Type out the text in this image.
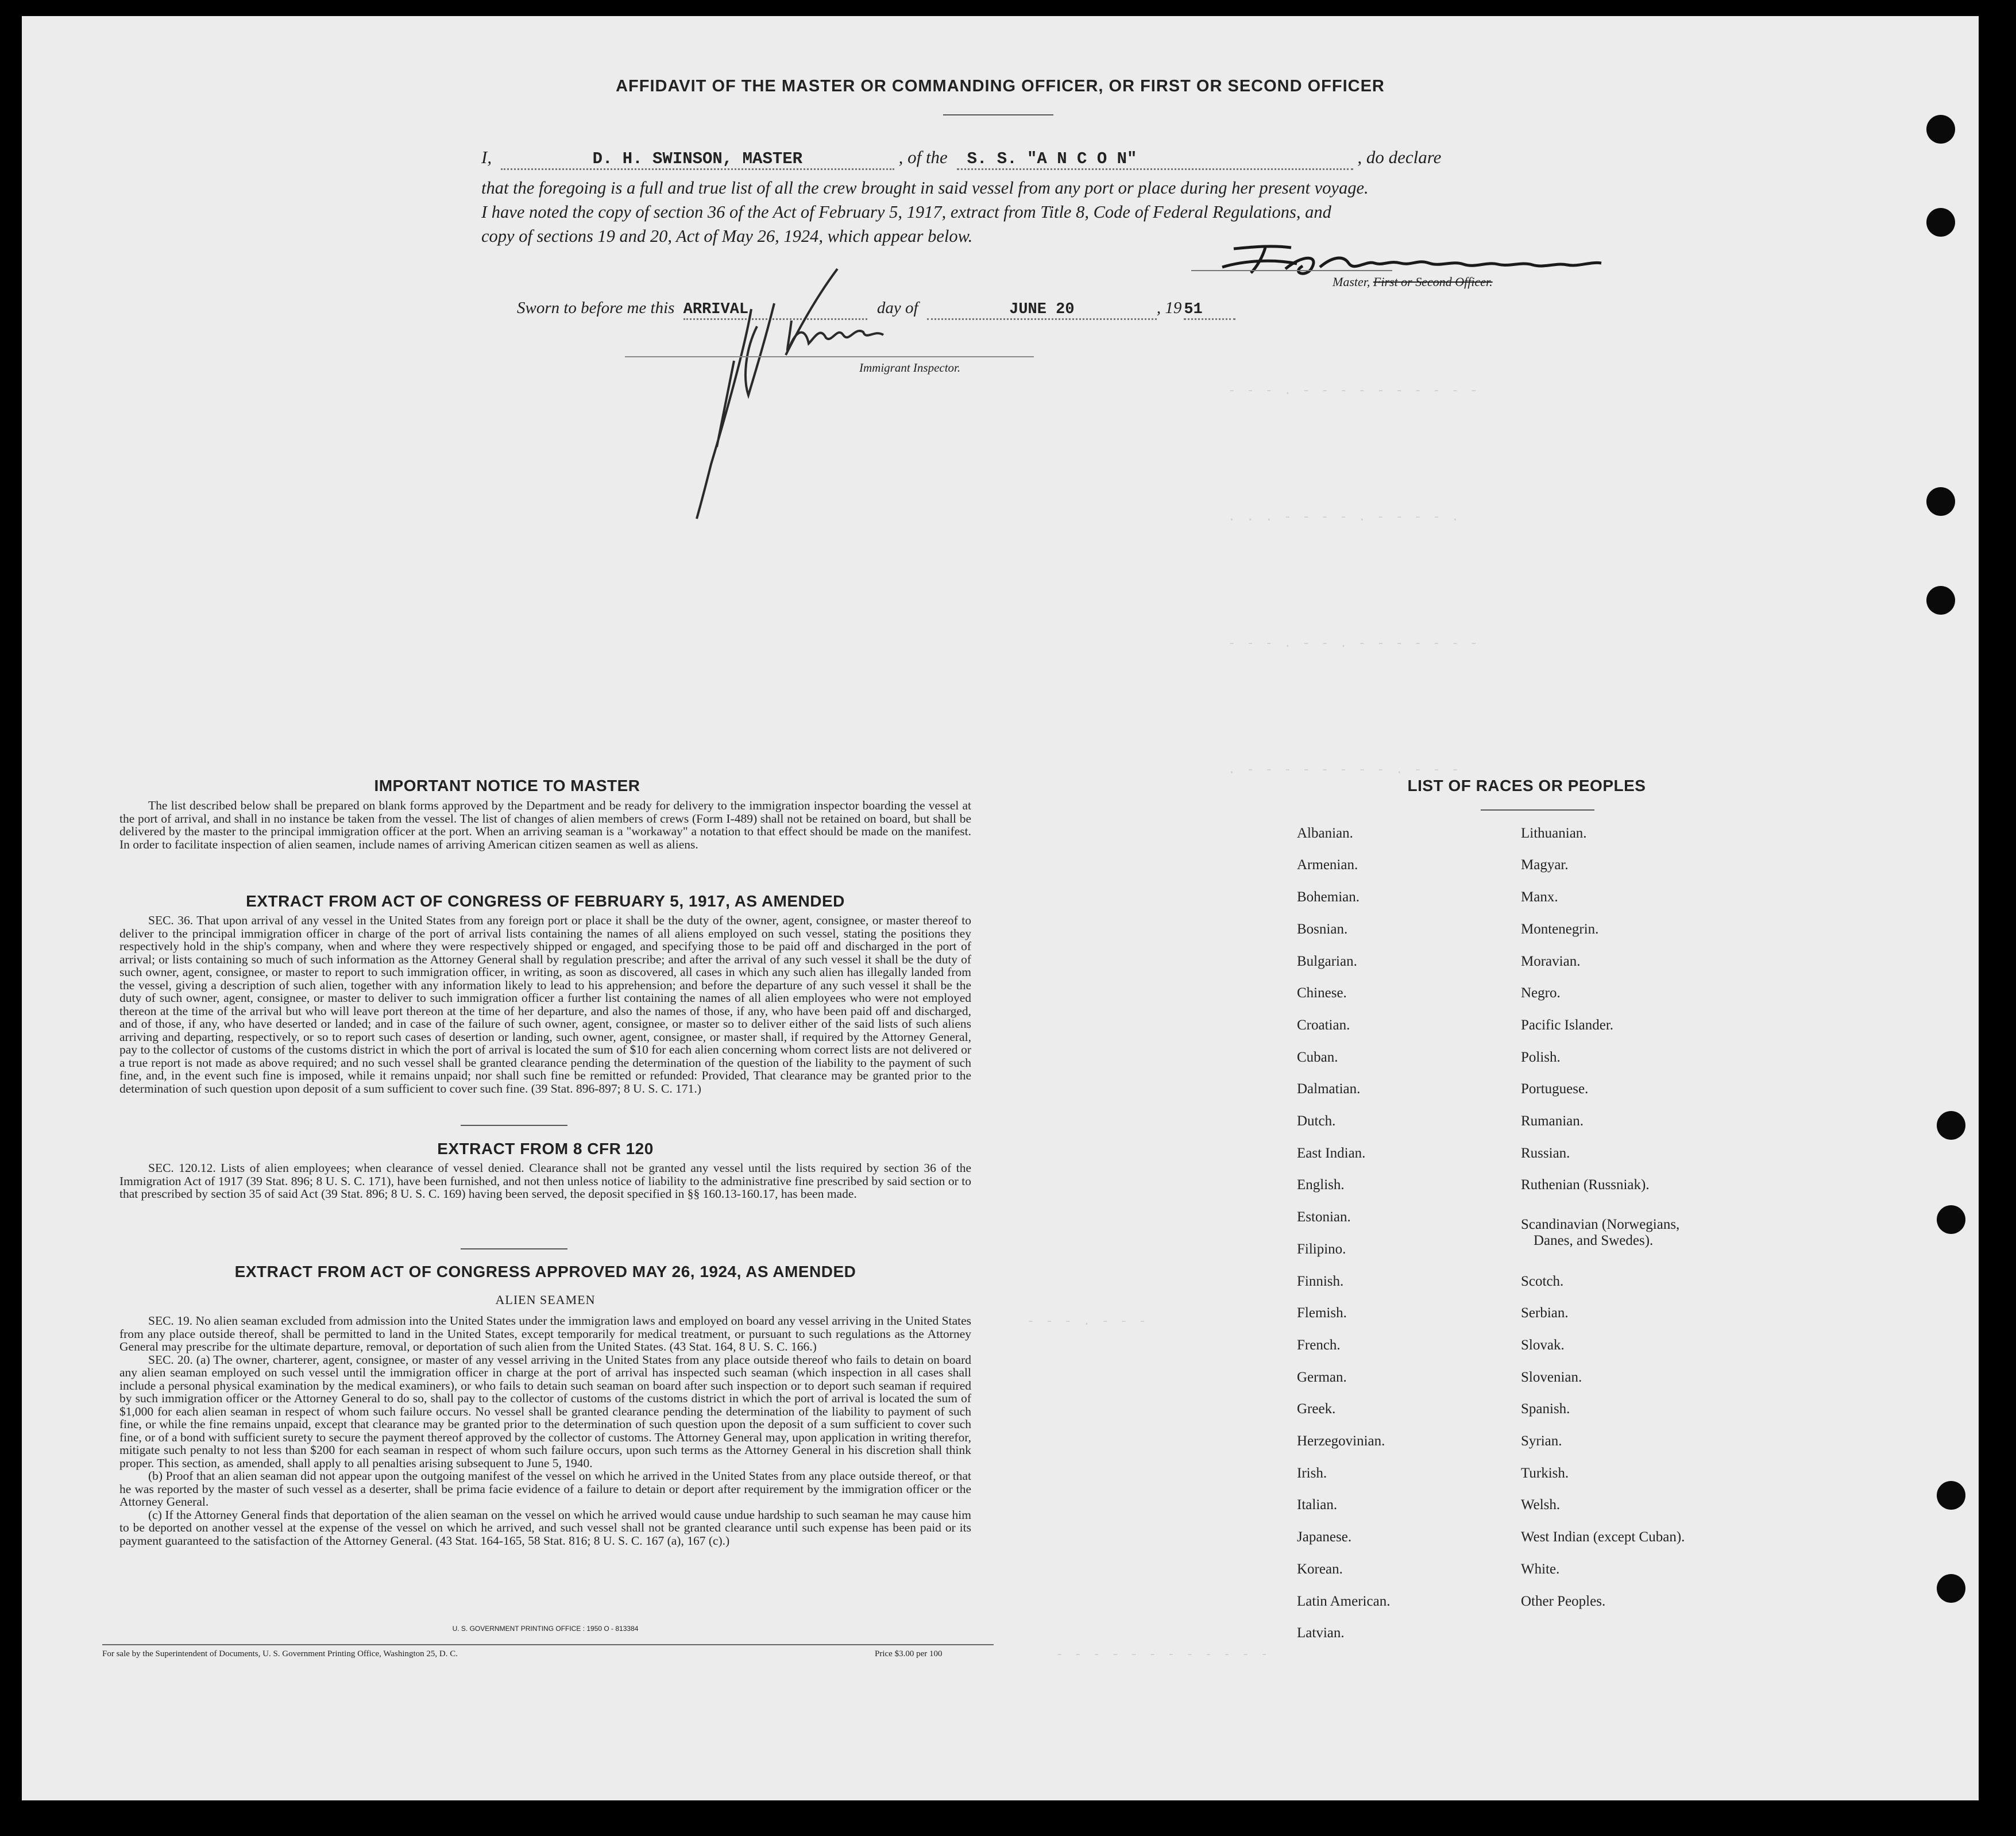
- - - . - - - - - - - - - -
. . . - - - - . - - - - .
- - - . - - . - - - - - - -
. - - - - - - - - . - - -
- - - . - - -
- - - - - - - - - - - -
AFFIDAVIT OF THE MASTER OR COMMANDING OFFICER, OR FIRST OR SECOND OFFICER
I,	D. H. SWINSON, MASTER	, of the S. S. "A N C O N"	, do declare
that the foregoing is a full and true list of all the crew brought in said vessel from any port or place during her present voyage.
I have noted the copy of section 36 of the Act of February 5, 1917, extract from Title 8, Code of Federal Regulations, and
copy of sections 19 and 20, Act of May 26, 1924, which appear below.
Master, First or Second Officer.
Sworn to before me this ARRIVAL	day of	JUNE 20	, 19 51
Immigrant Inspector.
IMPORTANT NOTICE TO MASTER

The list described below shall be prepared on blank forms approved by the Department and be ready for delivery to the immigration inspector boarding the vessel at the port of arrival, and shall in no instance be taken from the vessel. The list of changes of alien members of crews (Form I-489) shall not be retained on board, but shall be delivered by the master to the principal immigration officer at the port. When an arriving seaman is a "workaway" a notation to that effect should be made on the manifest. In order to facilitate inspection of alien seamen, include names of arriving American citizen seamen as well as aliens.

EXTRACT FROM ACT OF CONGRESS OF FEBRUARY 5, 1917, AS AMENDED

SEC. 36. That upon arrival of any vessel in the United States from any foreign port or place it shall be the duty of the owner, agent, consignee, or master thereof to deliver to the principal immigration officer in charge of the port of arrival lists containing the names of all aliens employed on such vessel, stating the positions they respectively hold in the ship's company, when and where they were respectively shipped or engaged, and specifying those to be paid off and discharged in the port of arrival; or lists containing so much of such information as the Attorney General shall by regulation prescribe; and after the arrival of any such vessel it shall be the duty of such owner, agent, consignee, or master to report to such immigration officer, in writing, as soon as discovered, all cases in which any such alien has illegally landed from the vessel, giving a description of such alien, together with any information likely to lead to his apprehension; and before the departure of any such vessel it shall be the duty of such owner, agent, consignee, or master to deliver to such immigration officer a further list containing the names of all alien employees who were not employed thereon at the time of the arrival but who will leave port thereon at the time of her departure, and also the names of those, if any, who have been paid off and discharged, and of those, if any, who have deserted or landed; and in case of the failure of such owner, agent, consignee, or master so to deliver either of the said lists of such aliens arriving and departing, respectively, or so to report such cases of desertion or landing, such owner, agent, consignee, or master shall, if required by the Attorney General, pay to the collector of customs of the customs district in which the port of arrival is located the sum of $10 for each alien concerning whom correct lists are not delivered or a true report is not made as above required; and no such vessel shall be granted clearance pending the determination of the question of the liability to the payment of such fine, and, in the event such fine is imposed, while it remains unpaid; nor shall such fine be remitted or refunded: Provided, That clearance may be granted prior to the determination of such question upon deposit of a sum sufficient to cover such fine. (39 Stat. 896-897; 8 U. S. C. 171.)

EXTRACT FROM 8 CFR 120

SEC. 120.12. Lists of alien employees; when clearance of vessel denied. Clearance shall not be granted any vessel until the lists required by section 36 of the Immigration Act of 1917 (39 Stat. 896; 8 U. S. C. 171), have been furnished, and not then unless notice of liability to the administrative fine prescribed by said section or to that prescribed by section 35 of said Act (39 Stat. 896; 8 U. S. C. 169) having been served, the deposit specified in §§ 160.13-160.17, has been made.

EXTRACT FROM ACT OF CONGRESS APPROVED MAY 26, 1924, AS AMENDED
ALIEN SEAMEN

SEC. 19. No alien seaman excluded from admission into the United States under the immigration laws and employed on board any vessel arriving in the United States from any place outside thereof, shall be permitted to land in the United States, except temporarily for medical treatment, or pursuant to such regulations as the Attorney General may prescribe for the ultimate departure, removal, or deportation of such alien from the United States. (43 Stat. 164, 8 U. S. C. 166.)

SEC. 20. (a) The owner, charterer, agent, consignee, or master of any vessel arriving in the United States from any place outside thereof who fails to detain on board any alien seaman employed on such vessel until the immigration officer in charge at the port of arrival has inspected such seaman (which inspection in all cases shall include a personal physical examination by the medical examiners), or who fails to detain such seaman on board after such inspection or to deport such seaman if required by such immigration officer or the Attorney General to do so, shall pay to the collector of customs of the customs district in which the port of arrival is located the sum of $1,000 for each alien seaman in respect of whom such failure occurs. No vessel shall be granted clearance pending the determination of the liability to payment of such fine, or while the fine remains unpaid, except that clearance may be granted prior to the determination of such question upon the deposit of a sum sufficient to cover such fine, or of a bond with sufficient surety to secure the payment thereof approved by the collector of customs. The Attorney General may, upon application in writing therefor, mitigate such penalty to not less than $200 for each seaman in respect of whom such failure occurs, upon such terms as the Attorney General in his discretion shall think proper. This section, as amended, shall apply to all penalties arising subsequent to June 5, 1940.

(b) Proof that an alien seaman did not appear upon the outgoing manifest of the vessel on which he arrived in the United States from any place outside thereof, or that he was reported by the master of such vessel as a deserter, shall be prima facie evidence of a failure to detain or deport after requirement by the immigration officer or the Attorney General.

(c) If the Attorney General finds that deportation of the alien seaman on the vessel on which he arrived would cause undue hardship to such seaman he may cause him to be deported on another vessel at the expense of the vessel on which he arrived, and such vessel shall not be granted clearance until such expense has been paid or its payment guaranteed to the satisfaction of the Attorney General. (43 Stat. 164-165, 58 Stat. 816; 8 U. S. C. 167 (a), 167 (c).)

U. S. GOVERNMENT PRINTING OFFICE : 1950 O - 813384
For sale by the Superintendent of Documents, U. S. Government Printing Office, Washington 25, D. C.	Price $3.00 per 100
LIST OF RACES OR PEOPLES
Albanian.
Armenian.
Bohemian.
Bosnian.
Bulgarian.
Chinese.
Croatian.
Cuban.
Dalmatian.
Dutch.
East Indian.
English.
Estonian.
Filipino.
Finnish.
Flemish.
French.
German.
Greek.
Herzegovinian.
Irish.
Italian.
Japanese.
Korean.
Latin American.
Latvian.
Lithuanian.
Magyar.
Manx.
Montenegrin.
Moravian.
Negro.
Pacific Islander.
Polish.
Portuguese.
Rumanian.
Russian.
Ruthenian (Russniak).
Scandinavian (Norwegians,
Danes, and Swedes).
Scotch.
Serbian.
Slovak.
Slovenian.
Spanish.
Syrian.
Turkish.
Welsh.
West Indian (except Cuban).
White.
Other Peoples.
